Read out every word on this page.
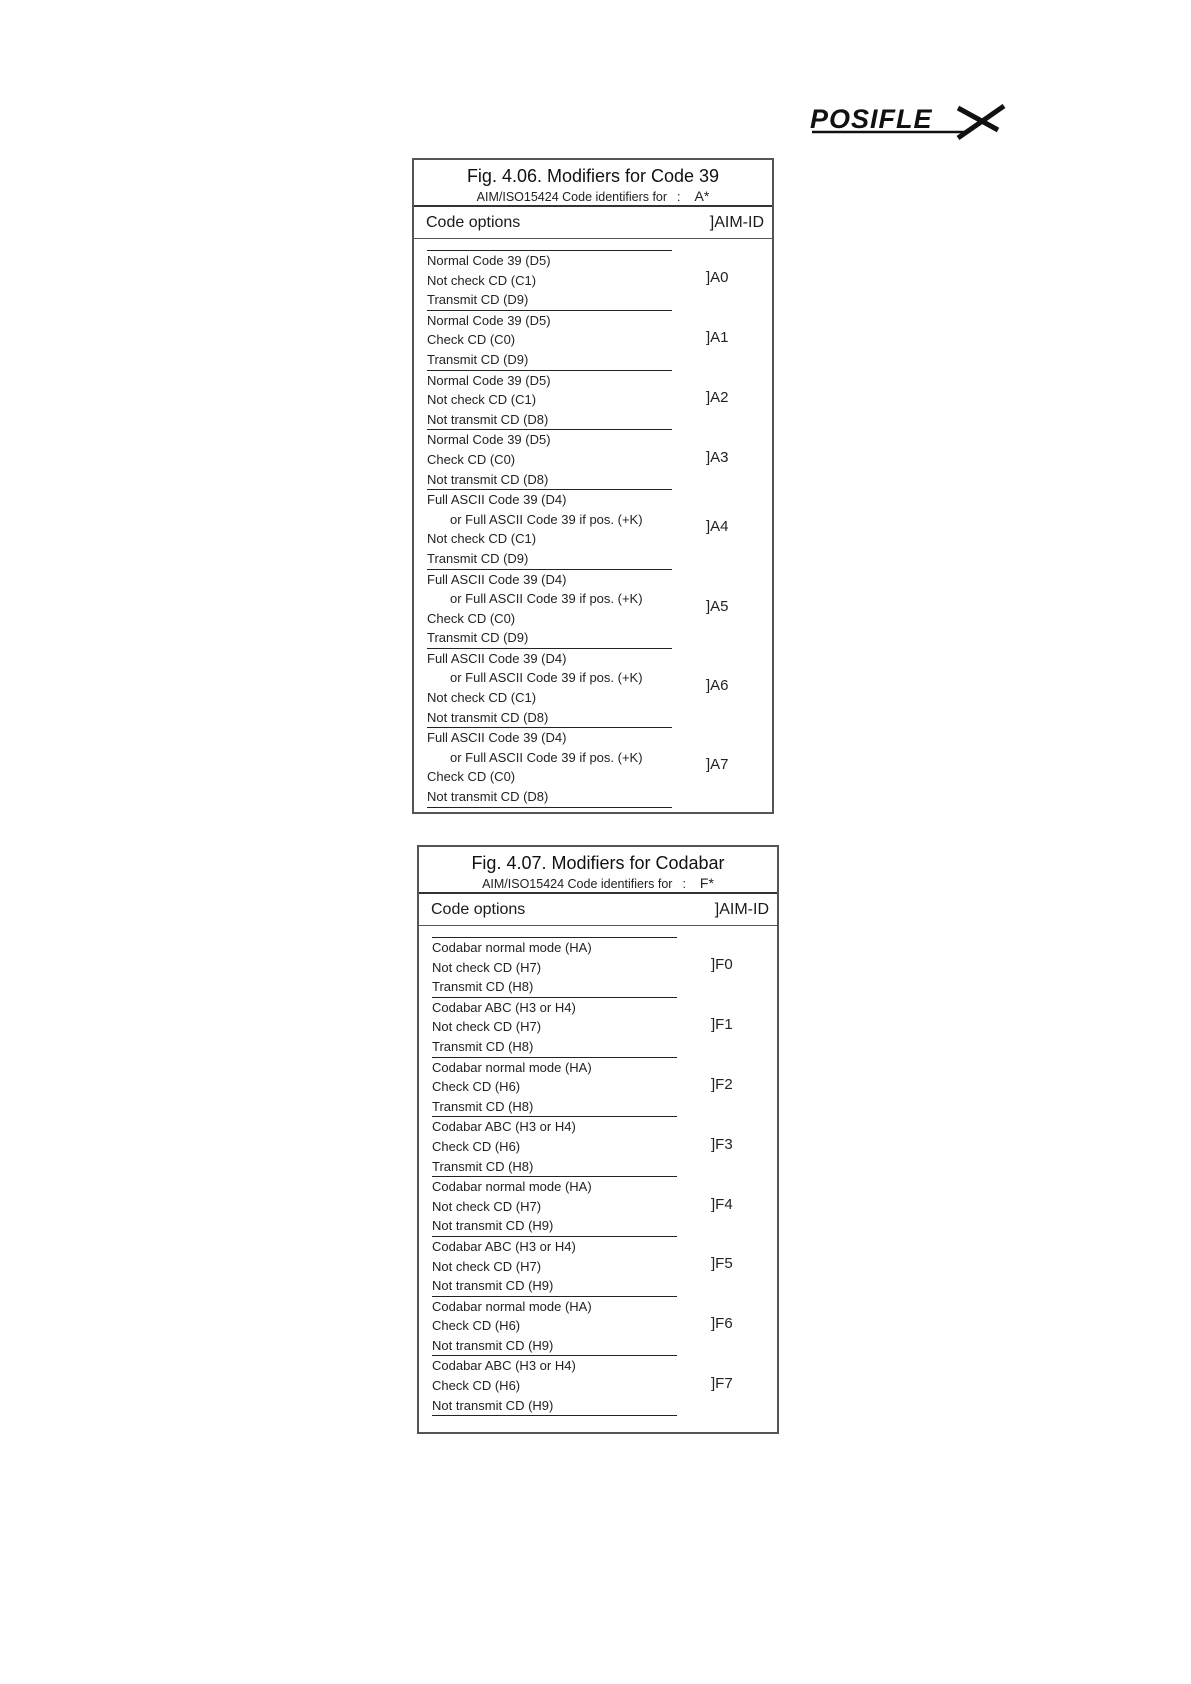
POSIFLE
Fig. 4.06. Modifiers for Code 39
AIM/ISO15424 Code identifiers for : A*
Code options	]AIM-ID
Normal Code 39 (D5)
Not check CD (C1)
Transmit CD (D9)
]A0
Normal Code 39 (D5)
Check CD (C0)
Transmit CD (D9)
]A1
Normal Code 39 (D5)
Not check CD (C1)
Not transmit CD (D8)
]A2
Normal Code 39 (D5)
Check CD (C0)
Not transmit CD (D8)
]A3
Full ASCII Code 39 (D4)
or Full ASCII Code 39 if pos. (+K)
Not check CD (C1)
Transmit CD (D9)
]A4
Full ASCII Code 39 (D4)
or Full ASCII Code 39 if pos. (+K)
Check CD (C0)
Transmit CD (D9)
]A5
Full ASCII Code 39 (D4)
or Full ASCII Code 39 if pos. (+K)
Not check CD (C1)
Not transmit CD (D8)
]A6
Full ASCII Code 39 (D4)
or Full ASCII Code 39 if pos. (+K)
Check CD (C0)
Not transmit CD (D8)
]A7
Fig. 4.07. Modifiers for Codabar
AIM/ISO15424 Code identifiers for : F*
Code options	]AIM-ID
Codabar normal mode (HA)
Not check CD (H7)
Transmit CD (H8)
]F0
Codabar ABC (H3 or H4)
Not check CD (H7)
Transmit CD (H8)
]F1
Codabar normal mode (HA)
Check CD (H6)
Transmit CD (H8)
]F2
Codabar ABC (H3 or H4)
Check CD (H6)
Transmit CD (H8)
]F3
Codabar normal mode (HA)
Not check CD (H7)
Not transmit CD (H9)
]F4
Codabar ABC (H3 or H4)
Not check CD (H7)
Not transmit CD (H9)
]F5
Codabar normal mode (HA)
Check CD (H6)
Not transmit CD (H9)
]F6
Codabar ABC (H3 or H4)
Check CD (H6)
Not transmit CD (H9)
]F7
